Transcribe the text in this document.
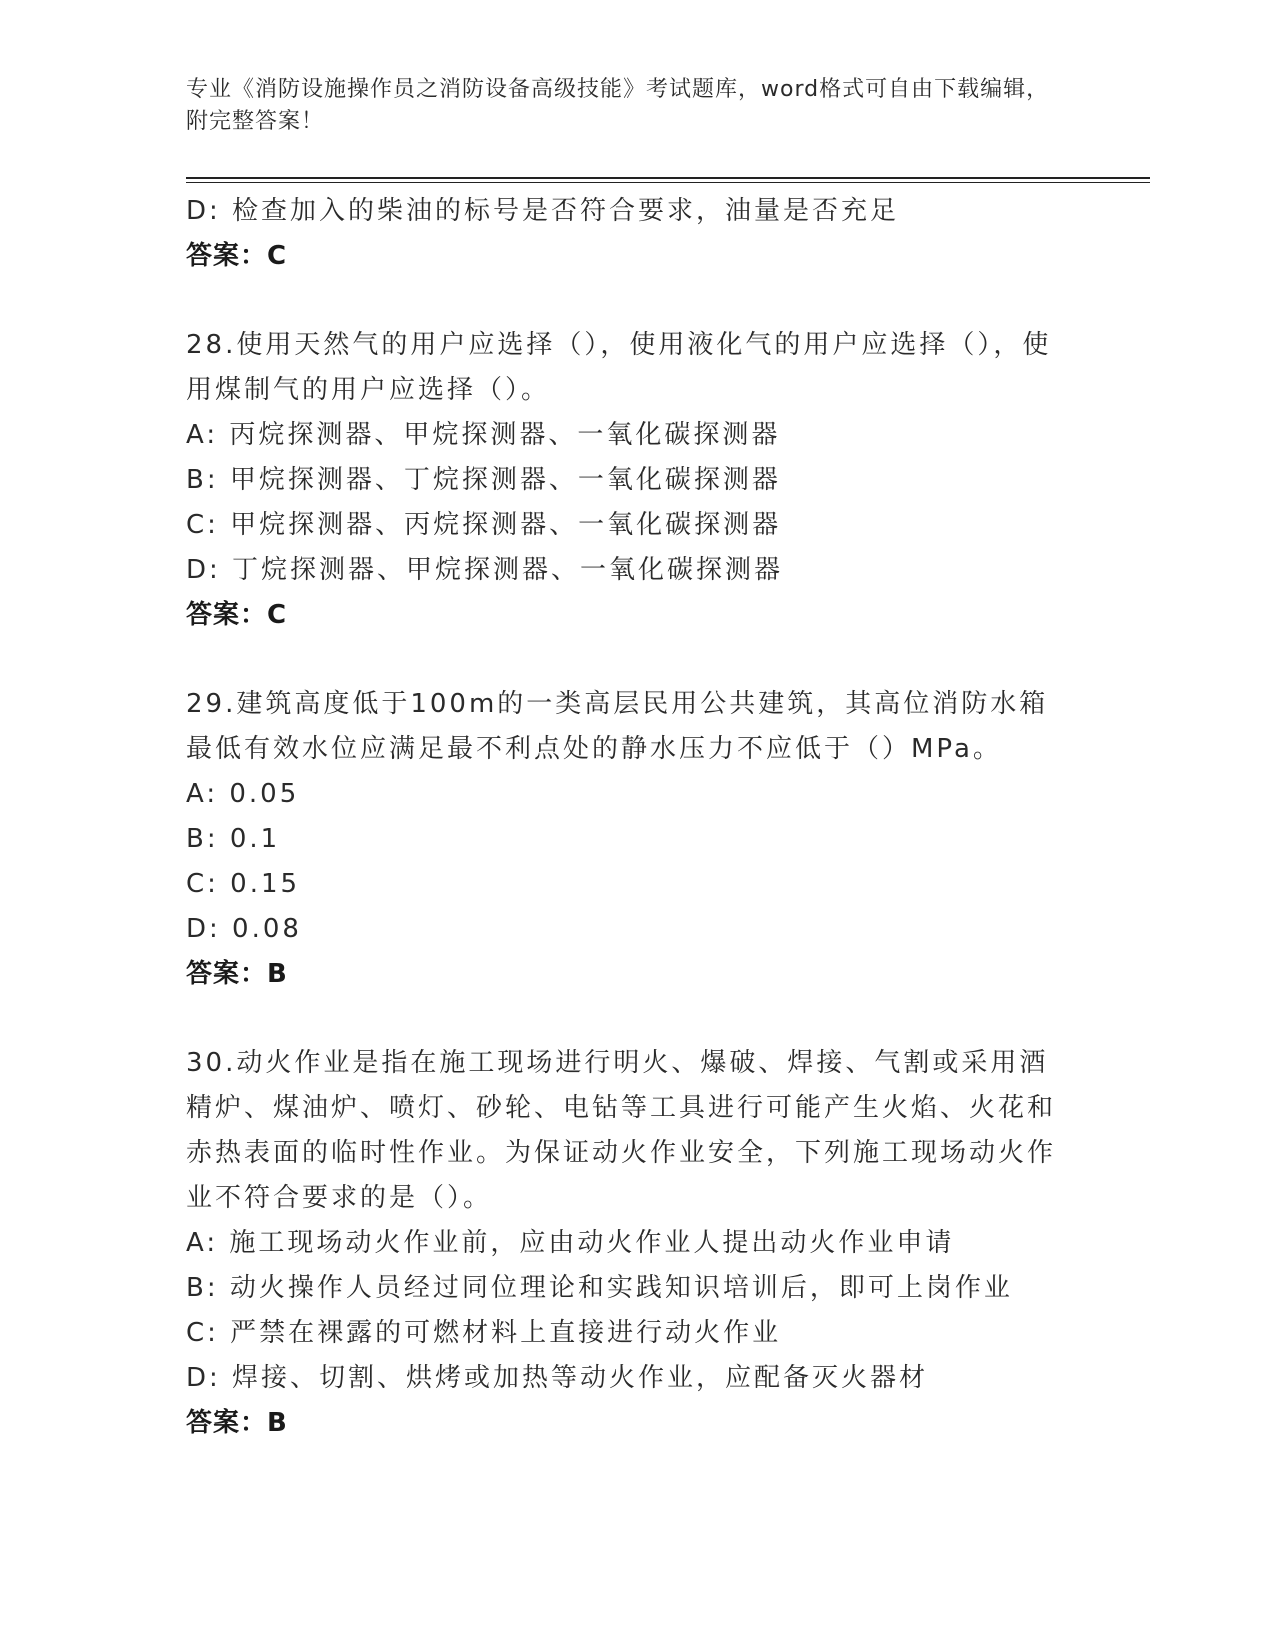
专业《消防设施操作员之消防设备高级技能》考试题库，word格式可自由下载编辑，附完整答案！
D: 检查加入的柴油的标号是否符合要求，油量是否充足
答案：C
28.使用天然气的用户应选择（），使用液化气的用户应选择（），使用煤制气的用户应选择（）。
A: 丙烷探测器、甲烷探测器、一氧化碳探测器
B: 甲烷探测器、丁烷探测器、一氧化碳探测器
C: 甲烷探测器、丙烷探测器、一氧化碳探测器
D: 丁烷探测器、甲烷探测器、一氧化碳探测器
答案：C
29.建筑高度低于100m的一类高层民用公共建筑，其高位消防水箱最低有效水位应满足最不利点处的静水压力不应低于（）MPa。
A: 0.05
B: 0.1
C: 0.15
D: 0.08
答案：B
30.动火作业是指在施工现场进行明火、爆破、焊接、气割或采用酒精炉、煤油炉、喷灯、砂轮、电钻等工具进行可能产生火焰、火花和赤热表面的临时性作业。为保证动火作业安全，下列施工现场动火作业不符合要求的是（）。
A: 施工现场动火作业前，应由动火作业人提出动火作业申请
B: 动火操作人员经过同位理论和实践知识培训后，即可上岗作业
C: 严禁在裸露的可燃材料上直接进行动火作业
D: 焊接、切割、烘烤或加热等动火作业，应配备灭火器材
答案：B
